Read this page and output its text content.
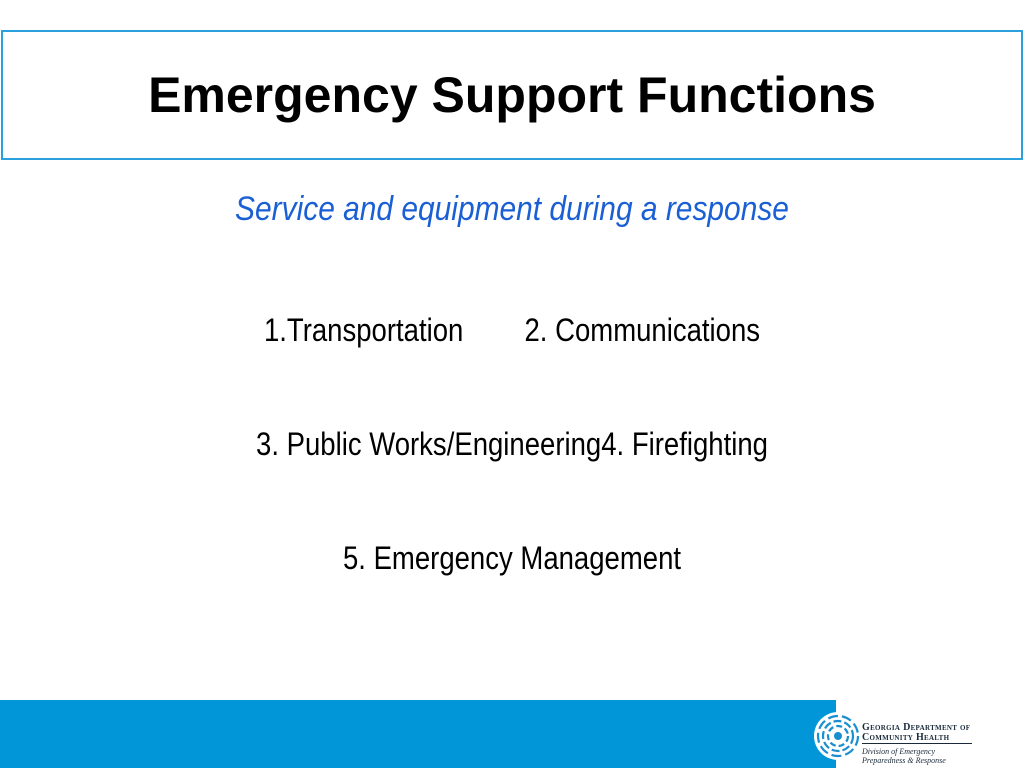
Emergency Support Functions
Service and equipment during a response
1.Transportation        2. Communications
3. Public Works/Engineering4. Firefighting
5. Emergency Management
Georgia Department of
Community Health
Division of Emergency
Preparedness & Response
